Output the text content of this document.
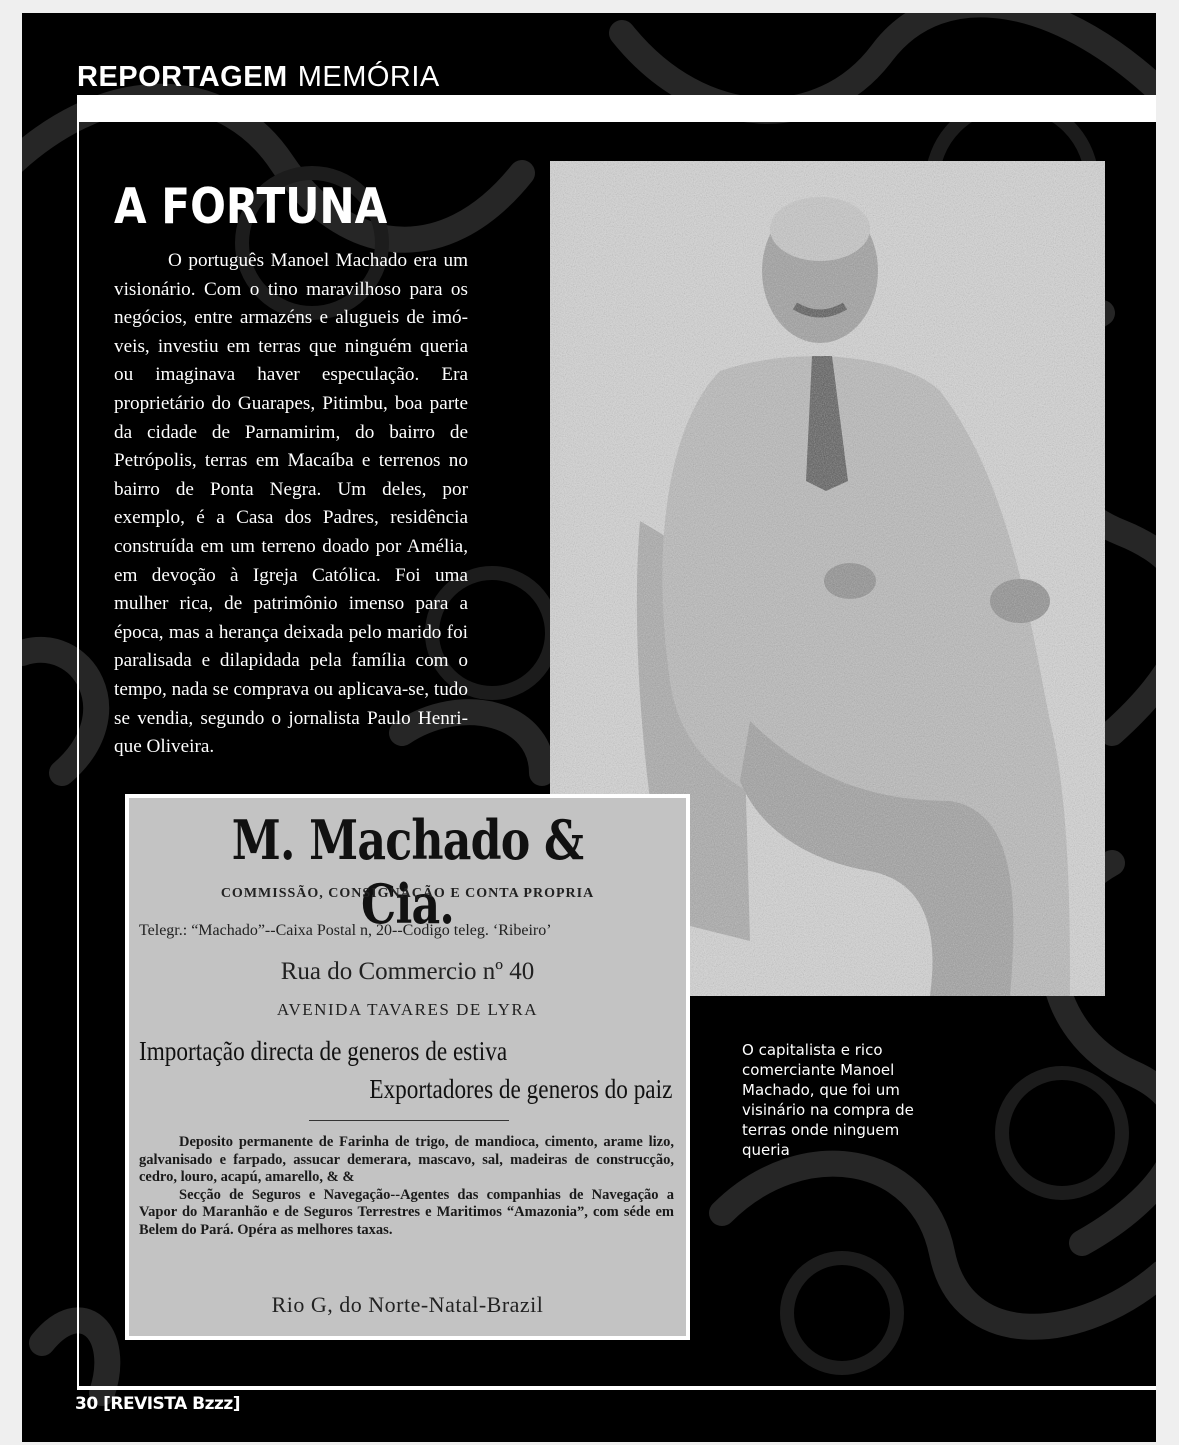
REPORTAGEM MEMÓRIA
A FORTUNA
O português Manoel Machado era um visionário. Com o tino maravilhoso para os negócios, entre armazéns e alugueis de imóveis, investiu em terras que ninguém queria ou imaginava haver especulação. Era proprietário do Guarapes, Pitimbu, boa parte da cidade de Parnamirim, do bairro de Petrópolis, terras em Macaíba e terrenos no bairro de Ponta Negra. Um deles, por exemplo, é a Casa dos Padres, residência construída em um terreno doado por Amélia, em devoção à Igreja Católica. Foi uma mulher rica, de patrimônio imenso para a época, mas a herança deixada pelo marido foi paralisada e dilapidada pela família com o tempo, nada se comprava ou aplicava-se, tudo se vendia, segundo o jornalista Paulo Henrique Oliveira.
M. Machado & Cia.
COMMISSÃO, CONSIGNAÇÃO E CONTA PROPRIA
Telegr.: “Machado”--Caixa Postal n, 20--Codigo teleg. ‘Ribeiro’
Rua do Commercio nº 40
AVENIDA TAVARES DE LYRA
Importação directa de generos de estiva
Exportadores de generos do paiz
Deposito permanente de Farinha de trigo, de mandioca, cimento, arame lizo, galvanisado e farpado, assucar demerara, mascavo, sal, madeiras de construcção, cedro, louro, acapú, amarello, & &
Secção de Seguros e Navegação--Agentes das companhias de Navegação a Vapor do Maranhão e de Seguros Terrestres e Maritimos “Amazonia”, com séde em Belem do Pará. Opéra as melhores taxas.
Rio G, do Norte-Natal-Brazil
O capitalista e rico comerciante Manoel Machado, que foi um visinário na compra de terras onde ninguem queria
30 [REVISTA Bzzz]
